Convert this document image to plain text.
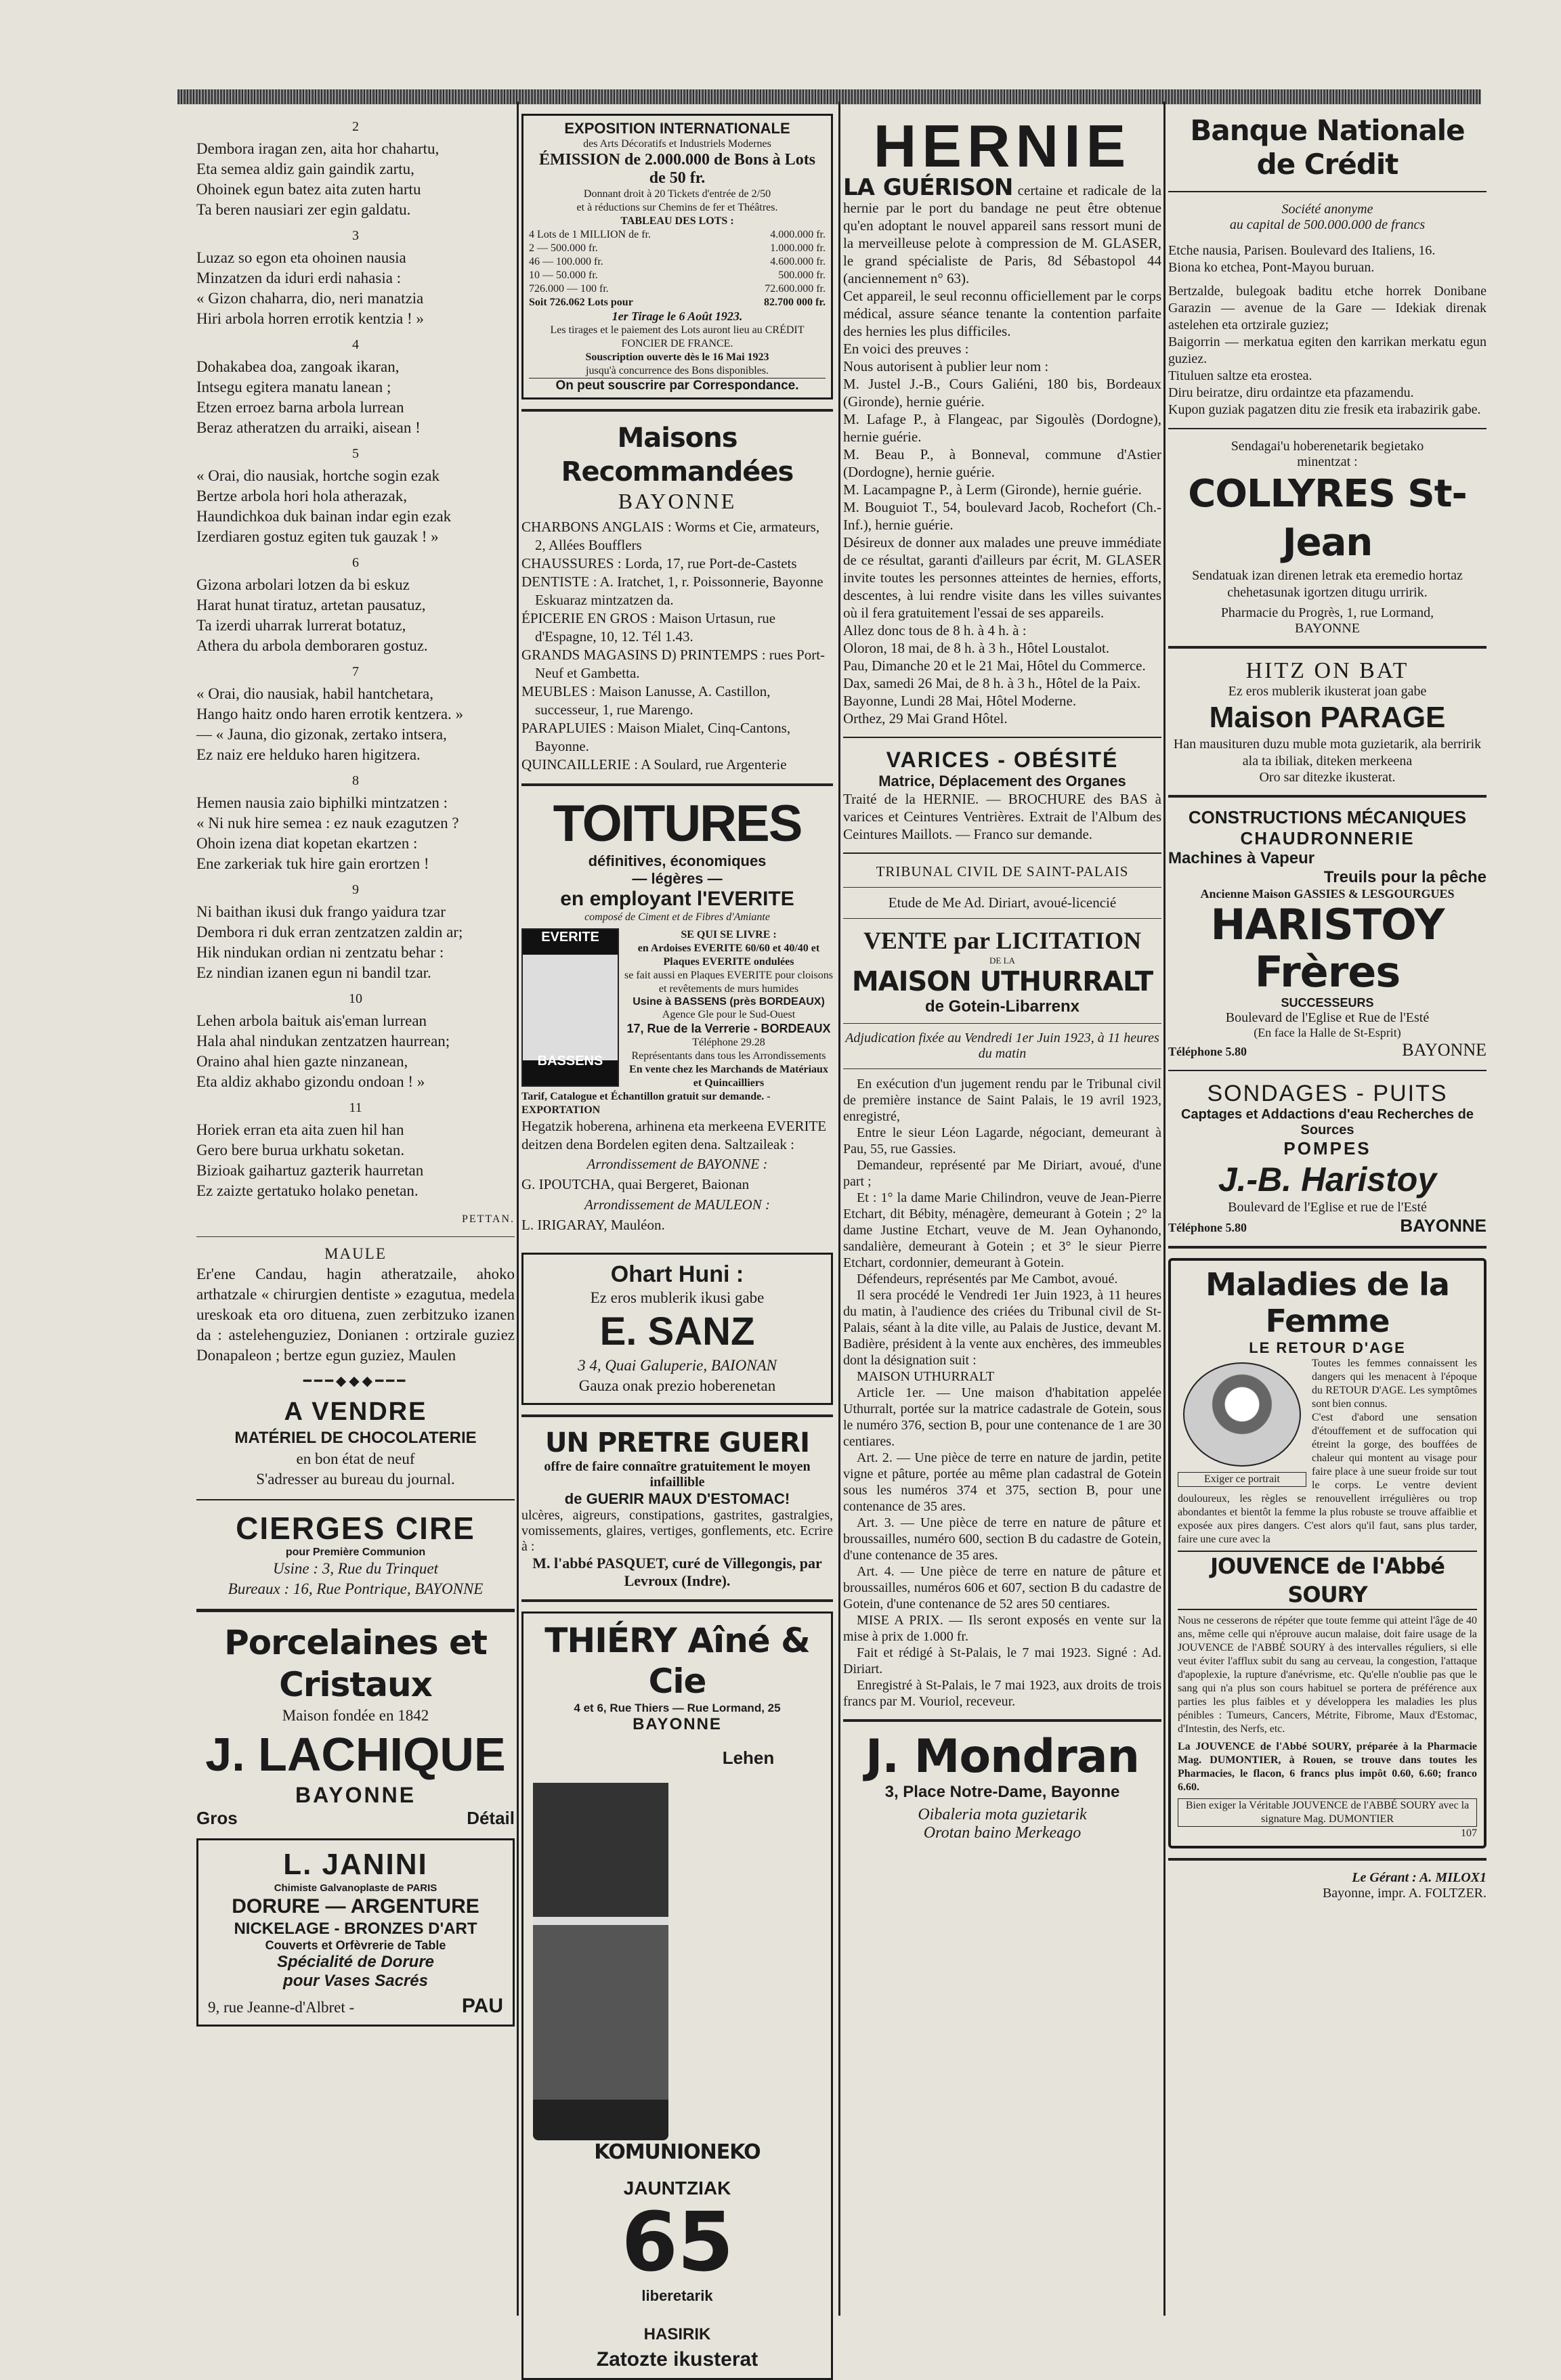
2

Dembora iragan zen, aita hor chahartu,

Eta semea aldiz gain gaindik zartu,

Ohoinek egun batez aita zuten hartu

Ta beren nausiari zer egin galdatu.

3

Luzaz so egon eta ohoinen nausia

Minzatzen da iduri erdi nahasia :

« Gizon chaharra, dio, neri manatzia

Hiri arbola horren errotik kentzia ! »

4

Dohakabea doa, zangoak ikaran,

Intsegu egitera manatu lanean ;

Etzen erroez barna arbola lurrean

Beraz atheratzen du arraiki, aisean !

5

« Orai, dio nausiak, hortche sogin ezak

Bertze arbola hori hola atherazak,

Haundichkoa duk bainan indar egin ezak

Izerdiaren gostuz egiten tuk gauzak ! »

6

Gizona arbolari lotzen da bi eskuz

Harat hunat tiratuz, artetan pausatuz,

Ta izerdi uharrak lurrerat botatuz,

Athera du arbola demboraren gostuz.

7

« Orai, dio nausiak, habil hantchetara,

Hango haitz ondo haren errotik kentzera. »

— « Jauna, dio gizonak, zertako intsera,

Ez naiz ere helduko haren higitzera.

8

Hemen nausia zaio biphilki mintzatzen :

« Ni nuk hire semea : ez nauk ezagutzen ?

Ohoin izena diat kopetan ekartzen :

Ene zarkeriak tuk hire gain erortzen !

9

Ni baithan ikusi duk frango yaidura tzar

Dembora ri duk erran zentzatzen zaldin ar;

Hik nindukan ordian ni zentzatu behar :

Ez nindian izanen egun ni bandil tzar.

10

Lehen arbola baituk ais'eman lurrean

Hala ahal nindukan zentzatzen haurrean;

Oraino ahal hien gazte ninzanean,

Eta aldiz akhabo gizondu ondoan ! »

11

Horiek erran eta aita zuen hil han

Gero bere burua urkhatu soketan.

Bizioak gaihartuz gazterik haurretan

Ez zaizte gertatuko holako penetan.

PETTAN.

MAULE

Er'ene Candau, hagin atheratzaile, ahoko arthatzale « chirurgien dentiste » ezagutua, medela ureskoak eta oro dituena, zuen zerbitzuko izanen da : astelehenguziez, Donianen : ortzirale guziez Donapaleon ; bertze egun guziez, Maulen

━━━◆◆◆━━━

A VENDRE

MATÉRIEL DE CHOCOLATERIE

en bon état de neuf

S'adresser au bureau du journal.

CIERGES CIRE

pour Première Communion

Usine : 3, Rue du Trinquet

Bureaux : 16, Rue Pontrique, BAYONNE

Porcelaines et Cristaux

Maison fondée en 1842

J. LACHIQUE

BAYONNE

Gros	Détail

L. JANINI

Chimiste Galvanoplaste de PARIS

DORURE — ARGENTURE

NICKELAGE - BRONZES D'ART

Couverts et Orfèvrerie de Table

Spécialité de Dorure

pour Vases Sacrés

9, rue Jeanne-d'Albret -	PAU

EXPOSITION INTERNATIONALE

des Arts Décoratifs et Industriels Modernes

ÉMISSION de 2.000.000 de Bons à Lots de 50 fr.

Donnant droit à 20 Tickets d'entrée de 2/50

et à réductions sur Chemins de fer et Théâtres.

TABLEAU DES LOTS :

4 Lots de 1 MILLION de fr.	4.000.000 fr.
2 — 500.000 fr.	1.000.000 fr.
46 — 100.000 fr.	4.600.000 fr.
10 — 50.000 fr.	500.000 fr.
726.000 — 100 fr.	72.600.000 fr.
Soit 726.062 Lots pour	82.700 000 fr.

1er Tirage le 6 Août 1923.

Les tirages et le paiement des Lots auront lieu au CRÉDIT FONCIER DE FRANCE.

Souscription ouverte dès le 16 Mai 1923

jusqu'à concurrence des Bons disponibles.

On peut souscrire par Correspondance.

Maisons Recommandées

BAYONNE

CHARBONS ANGLAIS : Worms et Cie, armateurs, 2, Allées Boufflers

CHAUSSURES : Lorda, 17, rue Port-de-Castets

DENTISTE : A. Iratchet, 1, r. Poissonnerie, Bayonne Eskuaraz mintzatzen da.

ÉPICERIE EN GROS : Maison Urtasun, rue d'Espagne, 10, 12. Tél 1.43.

GRANDS MAGASINS D) PRINTEMPS : rues Port-Neuf et Gambetta.

MEUBLES : Maison Lanusse, A. Castillon, successeur, 1, rue Marengo.

PARAPLUIES : Maison Mialet, Cinq-Cantons, Bayonne.

QUINCAILLERIE : A Soulard, rue Argenterie

TOITURES

définitives, économiques

— légères —

en employant l'EVERITE

composé de Ciment et de Fibres d'Amiante

EVERITE
BASSENS

SE QUI SE LIVRE :

en Ardoises EVERITE 60/60 et 40/40 et Plaques EVERITE ondulées

se fait aussi en Plaques EVERITE pour cloisons et revêtements de murs humides

Usine à BASSENS (près BORDEAUX)

Agence Gle pour le Sud-Ouest

17, Rue de la Verrerie - BORDEAUX

Téléphone 29.28

Représentants dans tous les Arrondissements

En vente chez les Marchands de Matériaux et Quincailliers

Tarif, Catalogue et Échantillon gratuit sur demande. - EXPORTATION

Hegatzik hoberena, arhinena eta merkeena EVERITE deitzen dena Bordelen egiten dena. Saltzaileak :

Arrondissement de BAYONNE :

G. IPOUTCHA, quai Bergeret, Baionan

Arrondissement de MAULEON :

L. IRIGARAY, Mauléon.

Ohart Huni :

Ez eros mublerik ikusi gabe

E. SANZ

3 4, Quai Galuperie, BAIONAN

Gauza onak prezio hoberenetan

UN PRETRE GUERI

offre de faire connaître gratuitement le moyen infaillible

de GUERIR MAUX D'ESTOMAC!

ulcères, aigreurs, constipations, gastrites, gastralgies, vomissements, glaires, vertiges, gonflements, etc. Ecrire à :

M. l'abbé PASQUET, curé de Villegongis, par Levroux (Indre).

THIÉRY Aîné & Cie

4 et 6, Rue Thiers — Rue Lormand, 25

BAYONNE

Lehen

KOMUNIONEKO

JAUNTZIAK

65

liberetarik

HASIRIK

Zatozte ikusterat

HERNIE

LA GUÉRISON certaine et radicale de la hernie par le port du bandage ne peut être obtenue qu'en adoptant le nouvel appareil sans ressort muni de la merveilleuse pelote à compression de M. GLASER, le grand spécialiste de Paris, 8d Sébastopol 44 (anciennement n° 63).

Cet appareil, le seul reconnu officiellement par le corps médical, assure séance tenante la contention parfaite des hernies les plus difficiles.

En voici des preuves :

Nous autorisent à publier leur nom :

M. Justel J.-B., Cours Galiéni, 180 bis, Bordeaux (Gironde), hernie guérie.

M. Lafage P., à Flangeac, par Sigoulès (Dordogne), hernie guérie.

M. Beau P., à Bonneval, commune d'Astier (Dordogne), hernie guérie.

M. Lacampagne P., à Lerm (Gironde), hernie guérie.

M. Bouguiot T., 54, boulevard Jacob, Rochefort (Ch.-Inf.), hernie guérie.

Désireux de donner aux malades une preuve immédiate de ce résultat, garanti d'ailleurs par écrit, M. GLASER invite toutes les personnes atteintes de hernies, efforts, descentes, à lui rendre visite dans les villes suivantes où il fera gratuitement l'essai de ses appareils.

Allez donc tous de 8 h. à 4 h. à :

Oloron, 18 mai, de 8 h. à 3 h., Hôtel Loustalot.

Pau, Dimanche 20 et le 21 Mai, Hôtel du Commerce.

Dax, samedi 26 Mai, de 8 h. à 3 h., Hôtel de la Paix.

Bayonne, Lundi 28 Mai, Hôtel Moderne.

Orthez, 29 Mai Grand Hôtel.

VARICES - OBÉSITÉ

Matrice, Déplacement des Organes

Traité de la HERNIE. — BROCHURE des BAS à varices et Ceintures Ventrières. Extrait de l'Album des Ceintures Maillots. — Franco sur demande.

TRIBUNAL CIVIL DE SAINT-PALAIS

Etude de Me Ad. Diriart, avoué-licencié

VENTE par LICITATION

DE LA

MAISON UTHURRALT

de Gotein-Libarrenx

Adjudication fixée au Vendredi 1er Juin 1923, à 11 heures du matin

En exécution d'un jugement rendu par le Tribunal civil de première instance de Saint Palais, le 19 avril 1923, enregistré,

Entre le sieur Léon Lagarde, négociant, demeurant à Pau, 55, rue Gassies.

Demandeur, représenté par Me Diriart, avoué, d'une part ;

Et : 1° la dame Marie Chilindron, veuve de Jean-Pierre Etchart, dit Bébity, ménagère, demeurant à Gotein ; 2° la dame Justine Etchart, veuve de M. Jean Oyhanondo, sandalière, demeurant à Gotein ; et 3° le sieur Pierre Etchart, cordonnier, demeurant à Gotein.

Défendeurs, représentés par Me Cambot, avoué.

Il sera procédé le Vendredi 1er Juin 1923, à 11 heures du matin, à l'audience des criées du Tribunal civil de St-Palais, séant à la dite ville, au Palais de Justice, devant M. Badière, président à la vente aux enchères, des immeubles dont la désignation suit :

MAISON UTHURRALT

Article 1er. — Une maison d'habitation appelée Uthurralt, portée sur la matrice cadastrale de Gotein, sous le numéro 376, section B, pour une contenance de 1 are 30 centiares.

Art. 2. — Une pièce de terre en nature de jardin, petite vigne et pâture, portée au même plan cadastral de Gotein sous les numéros 374 et 375, section B, pour une contenance de 35 ares.

Art. 3. — Une pièce de terre en nature de pâture et broussailles, numéro 600, section B du cadastre de Gotein, d'une contenance de 35 ares.

Art. 4. — Une pièce de terre en nature de pâture et broussailles, numéros 606 et 607, section B du cadastre de Gotein, d'une contenance de 52 ares 50 centiares.

MISE A PRIX. — Ils seront exposés en vente sur la mise à prix de 1.000 fr.

Fait et rédigé à St-Palais, le 7 mai 1923. Signé : Ad. Diriart.

Enregistré à St-Palais, le 7 mai 1923, aux droits de trois francs par M. Vouriol, receveur.

J. Mondran

3, Place Notre-Dame, Bayonne

Oibaleria mota guzietarik

Orotan baino Merkeago

Banque Nationale de Crédit

Société anonyme

au capital de 500.000.000 de francs

Etche nausia, Parisen. Boulevard des Italiens, 16.

Biona ko etchea, Pont-Mayou buruan.

Bertzalde, bulegoak baditu etche horrek Donibane Garazin — avenue de la Gare — Idekiak direnak astelehen eta ortzirale guziez;

Baigorrin — merkatua egiten den karrikan merkatu egun guziez.

Tituluen saltze eta erostea.

Diru beiratze, diru ordaintze eta pfazamendu.

Kupon guziak pagatzen ditu zie fresik eta irabazirik gabe.

Sendagai'u hoberenetarik begietako

minentzat :

COLLYRES St-Jean

Sendatuak izan direnen letrak eta eremedio hortaz chehetasunak igortzen ditugu urririk.

Pharmacie du Progrès, 1, rue Lormand,

BAYONNE

HITZ ON BAT

Ez eros mublerik ikusterat joan gabe

Maison PARAGE

Han mausituren duzu muble mota guzietarik, ala berririk ala ta ibiliak, diteken merkeena

Oro sar ditezke ikusterat.

CONSTRUCTIONS MÉCANIQUES

CHAUDRONNERIE

Machines à Vapeur

Treuils pour la pêche

Ancienne Maison GASSIES & LESGOURGUES

HARISTOY Frères

SUCCESSEURS

Boulevard de l'Eglise et Rue de l'Esté

(En face la Halle de St-Esprit)

Téléphone 5.80	BAYONNE

SONDAGES - PUITS

Captages et Addactions d'eau Recherches de Sources

POMPES

J.-B. Haristoy

Boulevard de l'Eglise et rue de l'Esté

Téléphone 5.80	BAYONNE

Maladies de la Femme

LE RETOUR D'AGE

Exiger ce portrait

Toutes les femmes connaissent les dangers qui les menacent à l'époque du RETOUR D'AGE. Les symptômes sont bien connus.

C'est d'abord une sensation d'étouffement et de suffocation qui étreint la gorge, des bouffées de chaleur qui montent au visage pour faire place à une sueur froide sur tout le corps. Le ventre devient douloureux, les règles se renouvellent irrégulières ou trop abondantes et bientôt la femme la plus robuste se trouve affaiblie et exposée aux pires dangers. C'est alors qu'il faut, sans plus tarder, faire une cure avec la

JOUVENCE de l'Abbé SOURY

Nous ne cesserons de répéter que toute femme qui atteint l'âge de 40 ans, même celle qui n'éprouve aucun malaise, doit faire usage de la JOUVENCE de l'ABBÉ SOURY à des intervalles réguliers, si elle veut éviter l'afflux subit du sang au cerveau, la congestion, l'attaque d'apoplexie, la rupture d'anévrisme, etc. Qu'elle n'oublie pas que le sang qui n'a plus son cours habituel se portera de préférence aux parties les plus faibles et y développera les maladies les plus pénibles : Tumeurs, Cancers, Métrite, Fibrome, Maux d'Estomac, d'Intestin, des Nerfs, etc.

La JOUVENCE de l'Abbé SOURY, préparée à la Pharmacie Mag. DUMONTIER, à Rouen, se trouve dans toutes les Pharmacies, le flacon, 6 francs plus impôt 0.60, 6.60; franco 6.60.

Bien exiger la Véritable JOUVENCE de l'ABBÉ SOURY avec la signature Mag. DUMONTIER

107

Le Gérant : A. MILOX1

Bayonne, impr. A. FOLTZER.
